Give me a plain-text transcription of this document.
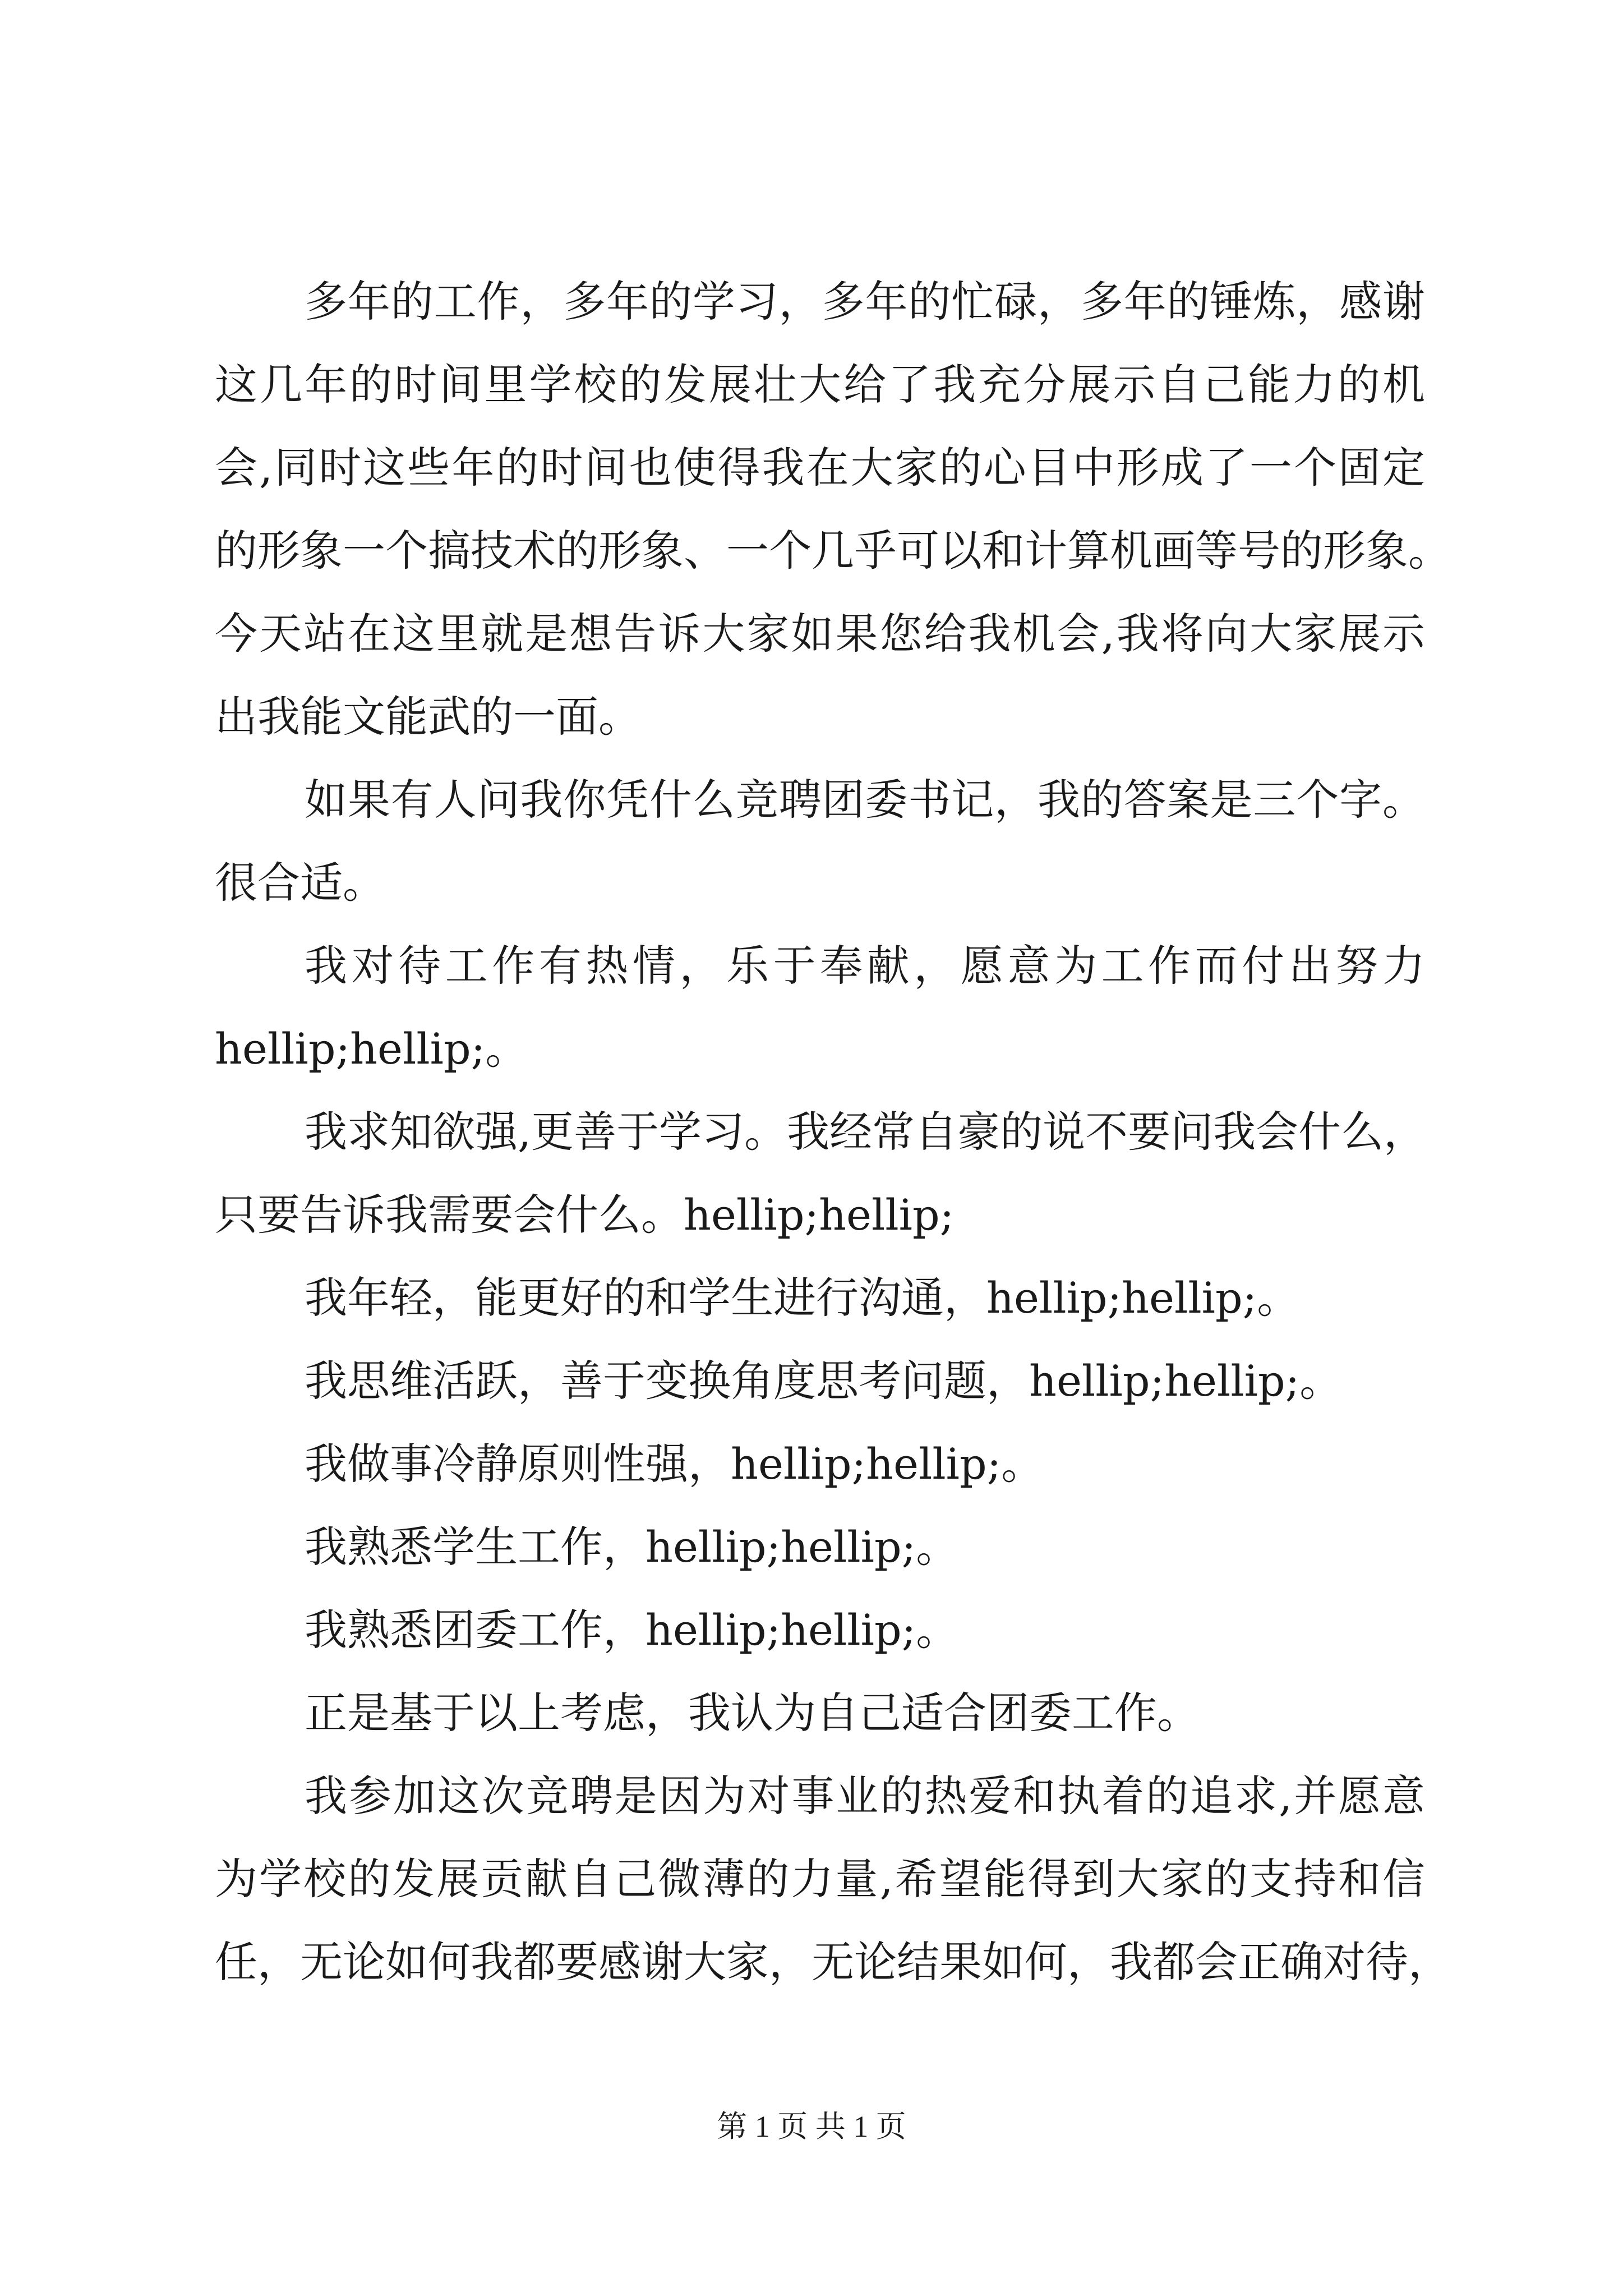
多年的工作，多年的学习，多年的忙碌，多年的锤炼，感谢
这几年的时间里学校的发展壮大给了我充分展示自己能力的机
会,同时这些年的时间也使得我在大家的心目中形成了一个固定
的形象一个搞技术的形象、一个几乎可以和计算机画等号的形象。
今天站在这里就是想告诉大家如果您给我机会,我将向大家展示
出我能文能武的一面。
如果有人问我你凭什么竞聘团委书记，我的答案是三个字。
很合适。
我对待工作有热情，乐于奉献，愿意为工作而付出努力
hellip;hellip;。
我求知欲强,更善于学习。我经常自豪的说不要问我会什么，
只要告诉我需要会什么。hellip;hellip;
我年轻，能更好的和学生进行沟通，hellip;hellip;。
我思维活跃，善于变换角度思考问题，hellip;hellip;。
我做事冷静原则性强，hellip;hellip;。
我熟悉学生工作，hellip;hellip;。
我熟悉团委工作，hellip;hellip;。
正是基于以上考虑，我认为自己适合团委工作。
我参加这次竞聘是因为对事业的热爱和执着的追求,并愿意
为学校的发展贡献自己微薄的力量,希望能得到大家的支持和信
任，无论如何我都要感谢大家，无论结果如何，我都会正确对待，
第 1 页 共 1 页
